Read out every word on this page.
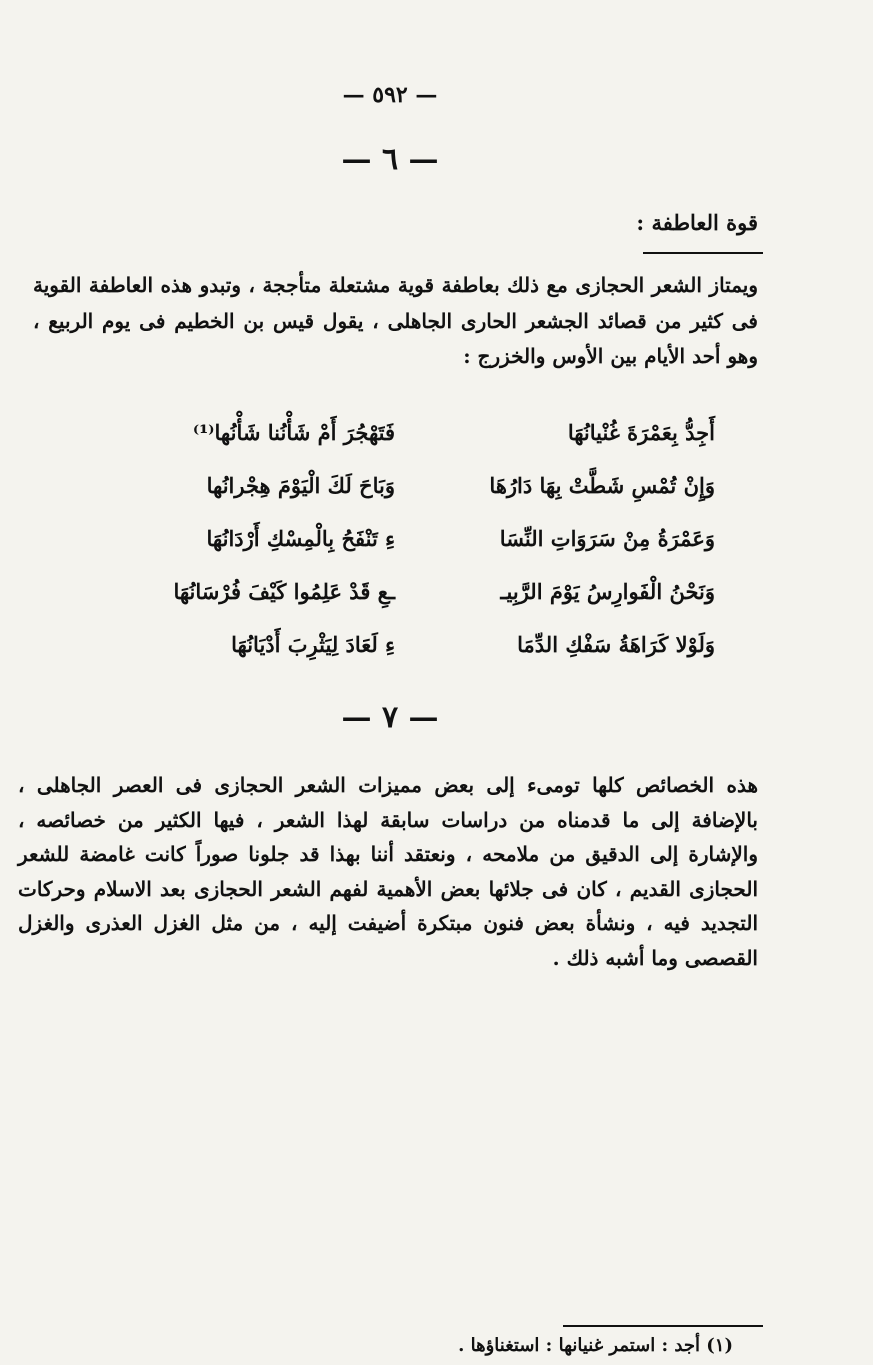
— ٥٩٢ —
— ٦ —
قوة العاطفة :

ويمتاز الشعر الحجازى مع ذلك بعاطفة قوية مشتعلة متأججة ، وتبدو هذه العاطفة القوية فى كثير من قصائد الجشعر الحارى الجاهلى ، يقول قيس بن الخطيم فى يوم الربيع ، وهو أحد الأيام بين الأوس والخزرج :

أَجِدُّ بِعَمْرَةَ غُنْيانُهَا
فَتَهْجُرَ أَمْ شَأْنُنا شَأْنُها⁽¹⁾
وَإِنْ تُمْسِ شَطَّتْ بِهَا دَارُهَا
وَبَاحَ لَكَ الْيَوْمَ هِجْرانُها
وَعَمْرَةُ مِنْ سَرَوَاتِ النِّسَا
ءِ تَنْفَحُ بِالْمِسْكِ أَرْدَانُهَا
وَنَحْنُ الْفَوارِسُ يَوْمَ الرَّبِيـ
ـعِ قَدْ عَلِمُوا كَيْفَ فُرْسَانُهَا
وَلَوْلا كَرَاهَةُ سَفْكِ الدِّمَا
ءِ لَعَادَ لِيَثْرِبَ أَدْيَانُهَا
— ٧ —

هذه الخصائص كلها تومىء إلى بعض مميزات الشعر الحجازى فى العصر الجاهلى ، بالإضافة إلى ما قدمناه من دراسات سابقة لهذا الشعر ، فيها الكثير من خصائصه ، والإشارة إلى الدقيق من ملامحه ، ونعتقد أننا بهذا قد جلونا صوراً كانت غامضة للشعر الحجازى القديم ، كان فى جلائها بعض الأهمية لفهم الشعر الحجازى بعد الاسلام وحركات التجديد فيه ، ونشأة بعض فنون مبتكرة أضيفت إليه ، من مثل الغزل العذرى والغزل القصصى وما أشبه ذلك .

(١) أجد : استمر غنيانها : استغناؤها .
